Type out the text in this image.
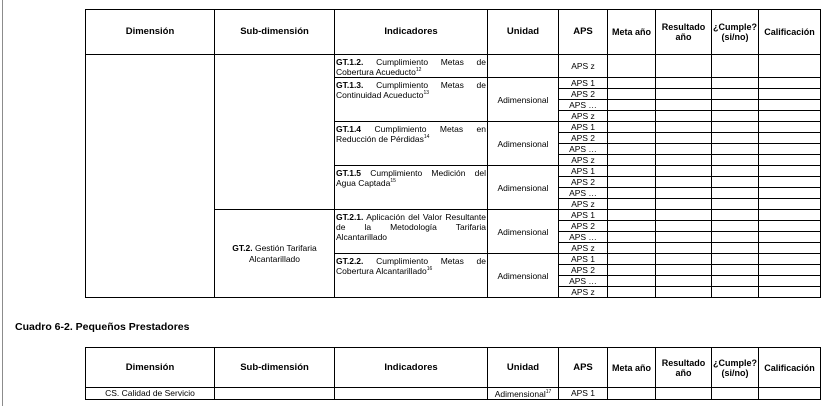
Dimensión	Sub-dimensión	Indicadores	Unidad	APS	Meta año	Resultado año	¿Cumple? (si/no)	Calificación
		GT.1.2. Cumplimiento Metas de Cobertura Acueducto$^{12}$		APS z				
		GT.1.3. Cumplimiento Metas de Continuidad Acueducto$^{13}$	Adimensional	APS 1				
				APS 2				
				APS …				
				APS z				
		GT.1.4 Cumplimiento Metas en Reducción de Pérdidas$^{14}$	Adimensional	APS 1				
				APS 2				
				APS …				
				APS z				
		GT.1.5 Cumplimiento Medición del Agua Captada$^{15}$	Adimensional	APS 1				
				APS 2				
				APS …				
				APS z				
	GT.2. Gestión Tarifaria Alcantarillado	GT.2.1. Aplicación del Valor Resultante de la Metodología Tarifaria Alcantarillado	Adimensional	APS 1				
				APS 2				
				APS …				
				APS z				
		GT.2.2. Cumplimiento Metas de Cobertura Alcantarillado$^{16}$	Adimensional	APS 1				
				APS 2				
				APS …				
				APS z				
Cuadro 6-2. Pequeños Prestadores
Dimensión	Sub-dimensión	Indicadores	Unidad	APS	Meta año	Resultado año	¿Cumple? (si/no)	Calificación
CS. Calidad de Servicio			Adimensional$^{17}$	APS 1				
